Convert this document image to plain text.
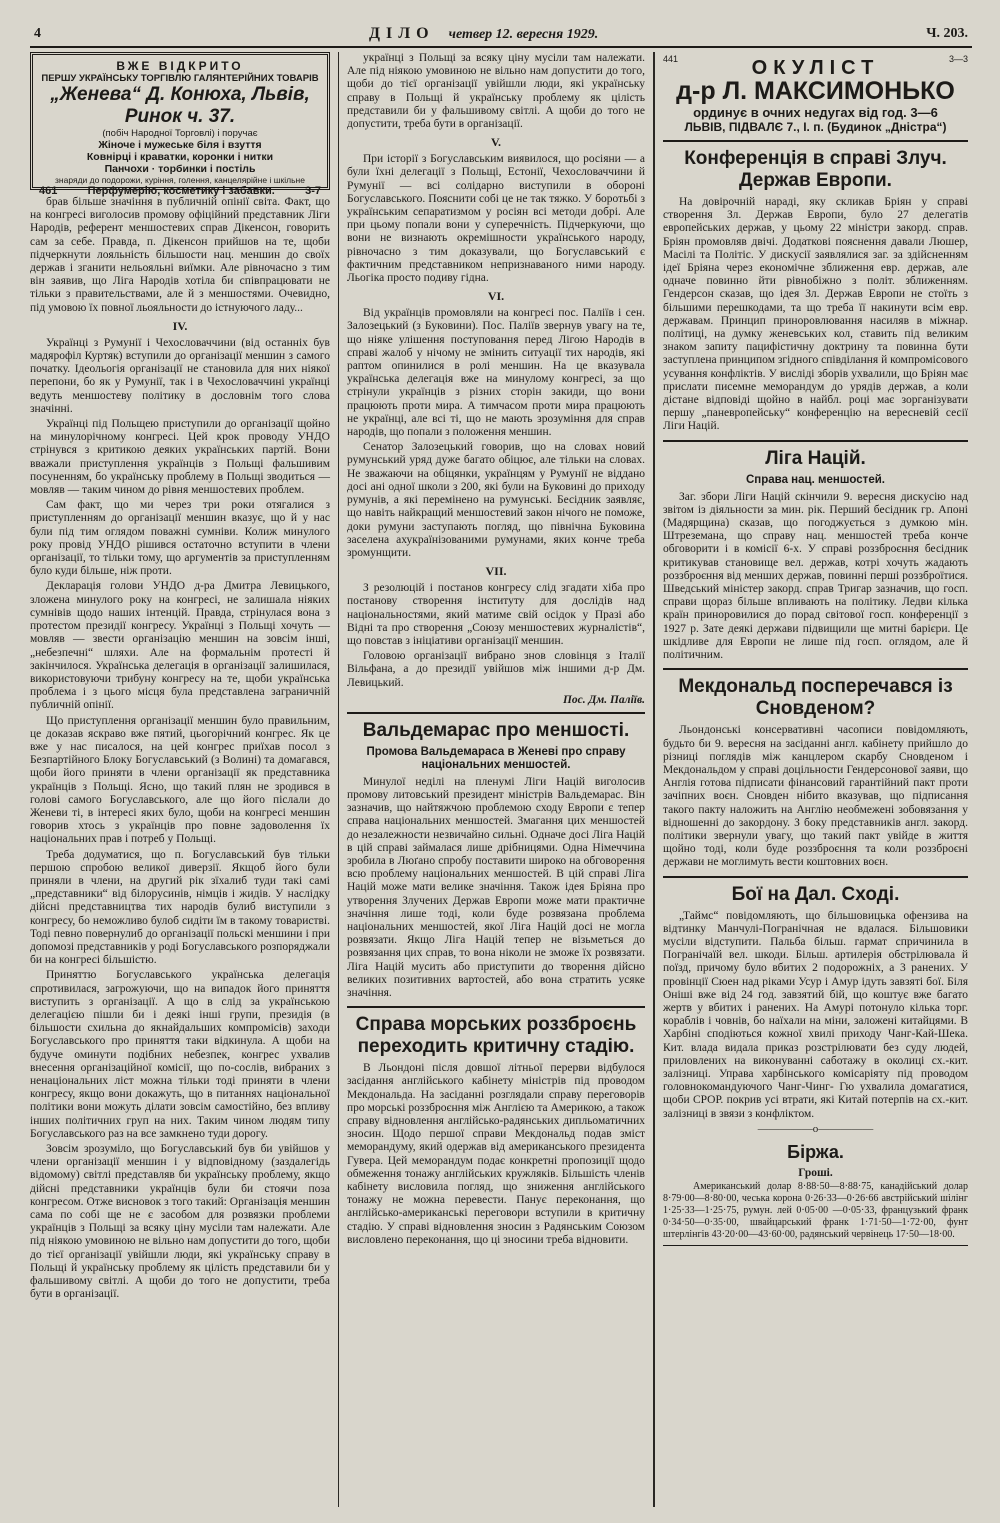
4	ДІЛО четвер 12. вересня 1929.	Ч. 203.
ВЖЕ ВІДКРИТО
ПЕРШУ УКРАЇНСЬКУ ТОРГІВЛЮ ГАЛЯНТЕРІЙНИХ ТОВАРІВ
„Женева“ Д. Конюха, Львів, Ринок ч. 37.
(побіч Народної Торговлі) і поручає
Жіноче і мужеське біля і взуття
Ковнірці і краватки, коронки і нитки
Панчохи · торбинки і постіль
знаряди до подорожи, куріння, голення, канцелярійне і шкільне
461	Перфумерію, косметику і забавки.	3-7

брав більше значіння в публичній опінії світа. Факт, що на конгресі виголосив промову офіційний представник Ліги Народів, референт меншостевих справ Дікенсон, говорить сам за себе. Правда, п. Дікенсон прийшов на те, щоби підчеркнути лояльність більшости нац. меншин до своїх держав і зганити нельояльні виїмки. Але рівночасно з тим він заявив, що Ліга Народів хотіла би співпрацювати не тільки з правительствами, але й з меншостями. Очевидно, під умовою їх повної льояльности до істнуючого ладу...

IV.

Українці з Румунії і Чехословаччини (від останніх був мадярофіл Куртяк) вступили до організації меншин з самого початку. Ідеольогія організації не становила для них ніякої перепони, бо як у Румунії, так і в Чехословаччині українці ведуть меншостеву політику в дословнім того слова значінні.

Українці під Польщею приступили до організації щойно на минулорічному конгресі. Цей крок проводу УНДО стрінувся з критикою деяких українських партій. Вони вважали приступлення українців з Польщі фальшивим посуненням, бо українську проблему в Польщі зводиться — мовляв — таким чином до рівня меншостевих проблем.

Сам факт, що ми через три роки отягалися з приступленням до організації меншин вказує, що й у нас були під тим оглядом поважні сумніви. Колиж минулого року провід УНДО рішився остаточно вступити в члени організації, то тільки тому, що аргументів за приступленням було куди більше, ніж проти.

Декларація голови УНДО д-ра Дмитра Левицького, зложена минулого року на конгресі, не залишала ніяких сумнівів щодо наших інтенцій. Правда, стрінулася вона з протестом президії конгресу. Українці з Польщі хочуть — мовляв — звести організацію меншин на зовсім інші, „небезпечні“ шляхи. Але на формальнім протесті й закінчилося. Українська делегація в організації залишилася, використовуючи трибуну конгресу на те, щоби українська проблема і з цього місця була представлена заграничній публичній опінії.

Що приступлення організації меншин було правильним, це доказав яскраво вже пятий, цьогорічний конгрес. Як це вже у нас писалося, на цей конгрес приїхав посол з Безпартійного Блоку Богуславський (з Волині) та домагався, щоби його приняти в члени організації як представника українців з Польщі. Ясно, що такий плян не зродився в голові самого Богуславського, але що його післали до Женеви ті, в інтересі яких було, щоби на конгресі меншин говорив хтось з українців про повне задоволення їх національних прав і потреб у Польщі.

Треба додуматися, що п. Богуславський був тільки першою спробою великої диверзії. Якщоб його були приняли в члени, на другий рік зїхалиб туди такі самі „представники“ від білорусинів, німців і жидів. У наслідку дійсні представництва тих народів булиб виступили з конгресу, бо неможливо булоб сидіти їм в такому товаристві. Тоді певно повернулиб до організації польскі меншини і при допомозі представників у роді Богуславського розпоряджали би на конгресі більшістю.

Приняттю Богуславського українська делегація спротивилася, загрожуючи, що на випадок його приняття виступить з організації. А що в слід за українською делегацією пішли би і деякі інші групи, президія (в більшости схильна до якнайдальших компромісів) заходи Богуславського про приняття таки відкинула. А щоби на будуче оминути подібних небезпек, конгрес ухвалив внесення організаційної комісії, що по-сослів, вибраних з ненаціональних ліст можна тільки тоді приняти в члени конгресу, якщо вони докажуть, що в питаннях національної політики вони можуть ділати зовсім самостійно, без впливу інших політичних груп на них. Таким чином людям типу Богуславського раз на все замкнено туди дорогу.

Зовсім зрозуміло, що Богуславський був би увійшов у члени організації меншин і у відповідному (заздалегідь відомому) світлі представляв би українську проблему, якщо дійсні представники українців були би стоячи поза конгресом. Отже висновок з того такий: Організація меншин сама по собі ще не є засобом для розвязки проблеми українців з Польщі за всяку ціну мусіли там належати. Але під ніякою умовиною не вільно нам допустити до того, щоби до тієї організації увійшли люди, які українську справу в Польщі й українську проблему як цілість представили би у фальшивому світлі. А щоби до того не допустити, треба бути в організації.

українці з Польщі за всяку ціну мусіли там належати. Але під ніякою умовиною не вільно нам допустити до того, щоби до тієї організації увійшли люди, які українську справу в Польщі й українську проблему як цілість представили би у фальшивому світлі. А щоби до того не допустити, треба бути в організації.

V.

При історії з Богуславським виявилося, що росіяни — а були їхні делегації з Польщі, Естонії, Чехословаччини й Румунії — всі солідарно виступили в обороні Богуславського. Пояснити собі це не так тяжко. У боротьбі з українським сепаратизмом у росіян всі методи добрі. Але при цьому попали вони у суперечність. Підчеркуючи, що вони не визнають окремішности українського народу, рівночасно з тим доказували, що Богуславський є фактичним представником непризнаваного ними народу. Льогіка просто подиву гідна.

VI.

Від українців промовляли на конгресі пос. Паліїв і сен. Залозецький (з Буковини). Пос. Паліїв звернув увагу на те, що ніяке улішення поступовання перед Лігою Народів в справі жалоб у нічому не змінить ситуації тих народів, які раптом опинилися в ролі меншин. На це вказувала українська делегація вже на минулому конгресі, за що стрінули українців з різних сторін закиди, що вони працюють проти мира. А тимчасом проти мира працюють не українці, але всі ті, що не мають зрозуміння для справ народів, що попали з положення меншин.

Сенатор Залозецький говорив, що на словах новий румунський уряд дуже багато обіцює, але тільки на словах. Не зважаючи на обіцянки, українцям у Румунії не віддано досі ані одної школи з 200, які були на Буковині до приходу румунів, а які перемінено на румунські. Бесідник заявляє, що навіть найкращий меншостевий закон нічого не поможе, доки румуни заступають погляд, що північна Буковина заселена ахукраїнізованими румунами, яких конче треба зромунщити.

VII.

З резолюцій і постанов конгресу слід згадати хіба про постанову створення інституту для дослідів над національностями, який матиме свій осідок у Празі або Відні та про створення „Союзу меншостевих журналістів“, що повстав з ініціативи організації меншин.

Головою організації вибрано знов словінця з Італії Вільфана, а до президії увійшов між іншими д-р Дм. Левицький.

Пос. Дм. Паліїв.
Вальдемарас про меншості.
Промова Вальдемараса в Женеві про справу національних меншостей.

Минулої неділі на пленумі Ліги Націй виголосив промову литовський президент міністрів Вальдемарас. Він зазначив, що найтяжчою проблемою сходу Европи є тепер справа національних меншостей. Змагання цих меншостей до незалежности незвичайно сильні. Одначе досі Ліга Націй в цій справі займалася лише дрібницями. Одна Німеччина зробила в Люґано спробу поставити широко на обговорення всю проблему національних меншостей. В цій справі Ліга Націй може мати велике значіння. Також ідея Бріяна про утворення Злучених Держав Европи може мати практичне значіння лише тоді, коли буде розвязана проблема національних меншостей, якої Ліга Націй досі не могла розвязати. Якщо Ліга Націй тепер не візьметься до розвязання цих справ, то вона ніколи не зможе їх розвязати. Ліга Націй мусить або приступити до творення дійсно великих позитивних вартостей, або вона стратить усяке значіння.

Справа морських роззброєнь переходить критичну стадію.

В Льондоні після довшої літньої перерви відбулося засідання англійського кабінету міністрів під проводом Мекдональда. На засіданні розглядали справу переговорів про морські роззброєння між Англією та Америкою, а також справу відновлення англійсько-радянських дипльоматичних зносин. Щодо першої справи Мекдональд подав зміст меморандуму, який одержав від американського президента Гувера. Цей меморандум подає конкретні пропозиції щодо обмеження тонажу англійських кружляків. Більшість членів кабінету висловила погляд, що зниження англійського тонажу не можна перевести. Панує переконання, що англійсько-американські переговори вступили в критичну стадію. У справі відновлення зносин з Радянським Союзом висловлено переконання, що ці зносини треба відновити.

441	3—3
ОКУЛІСТ
д-р Л. МАКСИМОНЬКО
ординує в очних недугах від год. 3—6
ЛЬВІВ, ПІДВАЛЄ 7., І. п. (Будинок „Дністра“)
Конференція в справі Злуч. Держав Европи.

На довірочній нараді, яку скликав Бріян у справі створення Зл. Держав Европи, було 27 делегатів европейських держав, у цьому 22 міністри закорд. справ. Бріян промовляв двічі. Додаткові пояснення давали Люшер, Масілі та Політіс. У дискусії заявлялися заг. за здійсненням ідеї Бріяна через економічне зближення евр. держав, але одначе повинно йти рівнобіжно з політ. зближенням. Гендерсон сказав, що ідея Зл. Держав Европи не стоїть з більшими перешкодами, та що треба її накинути всім евр. державам. Принцип приноровлювання насиляв в міжнар. політиці, на думку женевських кол, ставить під великим знаком запиту пацифістичну доктрину та повинна бути заступлена принципом згідного співділання й компромісового усування конфліктів. У висліді зборів ухвалили, що Бріян має прислати писемне меморандум до урядів держав, а коли дістане відповіді щойно в найбл. році має зорганізувати першу „паневропейську“ конференцію на вересневій сесії Ліги Націй.

Ліга Націй.
Справа нац. меншостей.

Заг. збори Ліги Націй скінчили 9. вересня дискусію над звітом із діяльности за мин. рік. Перший бесідник гр. Апоні (Мадярщина) сказав, що погоджується з думкою мін. Штреземана, що справу нац. меншостей треба конче обговорити і в комісії 6-х. У справі роззброєння бесідник критикував становище вел. держав, котрі хочуть жадають роззброєння від менших держав, повинні перші роззброїтися. Шведський міністер закорд. справ Тригар зазначив, що госп. справи щораз більше впливають на політику. Ледви кілька країн приноровилися до порад світової госп. конференції з 1927 р. Зате деякі держави підвищили ще митні барієри. Це шкідливе для Европи не лише під госп. оглядом, але й політичним.

Мекдональд посперечався із Сновденом?

Льондонські консервативні часописи повідомляють, будьто би 9. вересня на засіданні англ. кабінету прийшло до різниці поглядів між канцлером скарбу Сновденом і Мекдональдом у справі доцільности Гендерсонової заяви, що Англія готова підписати фінансовий гарантійний пакт проти зачіпних воєн. Сновден нібито вказував, що підписання такого пакту наложить на Англію необмежені зобовязання у відношенні до закордону. З боку представників англ. закорд. політики звернули увагу, що такий пакт увійде в життя щойно тоді, коли буде роззброєння та коли роззброєні держави не моглимуть вести коштовних воєн.

Бої на Дал. Сході.

„Таймс“ повідомляють, що більшовицька офензива на відтинку Манчулі-Погранічная не вдалася. Більшовики мусіли відступити. Пальба більш. гармат спричинила в Погранічаїй вел. шкоди. Більш. артилерія обстрілювала й поїзд, причому було вбитих 2 подорожніх, а 3 ранених. У провінції Сюен над ріками Усур і Амур ідуть завзяті бої. Біля Оніші вже від 24 год. завзятий бій, що коштує вже багато жертв у вбитих і ранених. На Амурі потонуло кілька торг. кораблів і човнів, бо наїхали на міни, заложені китайцями. В Харбіні сподіються кожної хвилі приходу Чанг-Кай-Шека. Кит. влада видала приказ розстрілювати без суду людей, приловлених на виконуванні саботажу в околиці сх.-кит. залізниці. Управа харбінського комісаріяту під проводом головнокомандуючого Чанг-Чинг- Гю ухвалила домагатися, щоби СРОР. покрив усі втрати, які Китай потерпів на сх.-кит. залізниці в звязи з конфліктом.

—————o—————
Біржа.
Гроші.

Американський долар 8·88·50—8·88·75, канадійський долар 8·79·00—8·80·00, чеська корона 0·26·33—0·26·66 австрійський шілінг 1·25·33—1·25·75, румун. лей 0·05·00 —0·05·33, французький франк 0·34·50—0·35·00, швайцарський франк 1·71·50—1·72·00, фунт штерлінгів 43·20·00—43·60·00, радянський червінець 17·50—18·00.
